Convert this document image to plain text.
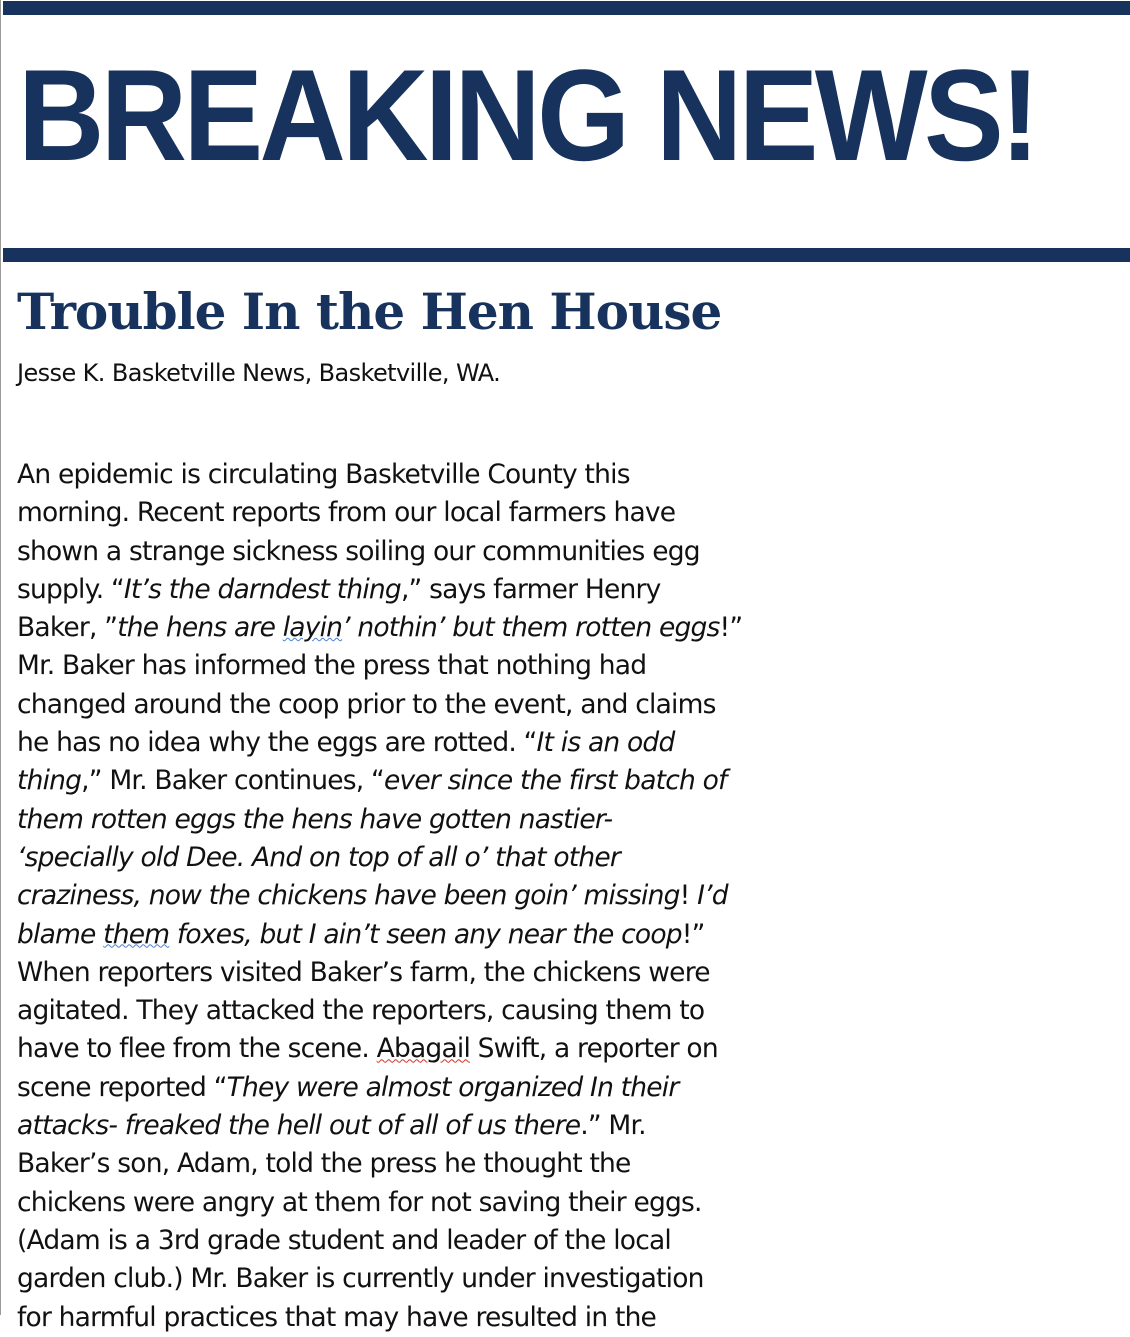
BREAKING NEWS!
Trouble In the Hen House

Jesse K. Basketville News, Basketville, WA.

An epidemic is circulating Basketville County this
morning. Recent reports from our local farmers have
shown a strange sickness soiling our communities egg
supply. “It’s the darndest thing,” says farmer Henry
Baker, ”the hens are layin’ nothin’ but them rotten eggs!”
Mr. Baker has informed the press that nothing had
changed around the coop prior to the event, and claims
he has no idea why the eggs are rotted. “It is an odd
thing,” Mr. Baker continues, “ever since the first batch of
them rotten eggs the hens have gotten nastier-
‘specially old Dee. And on top of all o’ that other
craziness, now the chickens have been goin’ missing! I’d
blame them foxes, but I ain’t seen any near the coop!”
When reporters visited Baker’s farm, the chickens were
agitated. They attacked the reporters, causing them to
have to flee from the scene. Abagail Swift, a reporter on
scene reported “They were almost organized In their
attacks- freaked the hell out of all of us there.” Mr.
Baker’s son, Adam, told the press he thought the
chickens were angry at them for not saving their eggs.
(Adam is a 3rd grade student and leader of the local
garden club.) Mr. Baker is currently under investigation
for harmful practices that may have resulted in the
